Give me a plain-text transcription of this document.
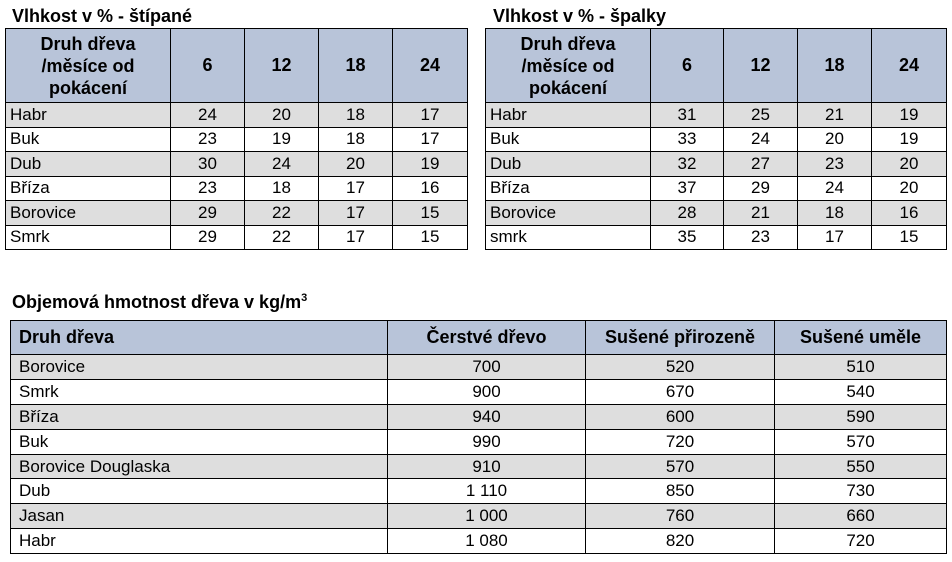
Vlhkost v % - štípané
Druh dřeva /měsíce od pokácení	6	12	18	24
Habr	24	20	18	17
Buk	23	19	18	17
Dub	30	24	20	19
Bříza	23	18	17	16
Borovice	29	22	17	15
Smrk	29	22	17	15
Vlhkost v % - špalky
Druh dřeva /měsíce od pokácení	6	12	18	24
Habr	31	25	21	19
Buk	33	24	20	19
Dub	32	27	23	20
Bříza	37	29	24	20
Borovice	28	21	18	16
smrk	35	23	17	15
Objemová hmotnost dřeva v $kg/m^3$
Druh dřeva	Čerstvé dřevo	Sušené přirozeně	Sušené uměle
Borovice	700	520	510
Smrk	900	670	540
Bříza	940	600	590
Buk	990	720	570
Borovice Douglaska	910	570	550
Dub	1 110	850	730
Jasan	1 000	760	660
Habr	1 080	820	720
